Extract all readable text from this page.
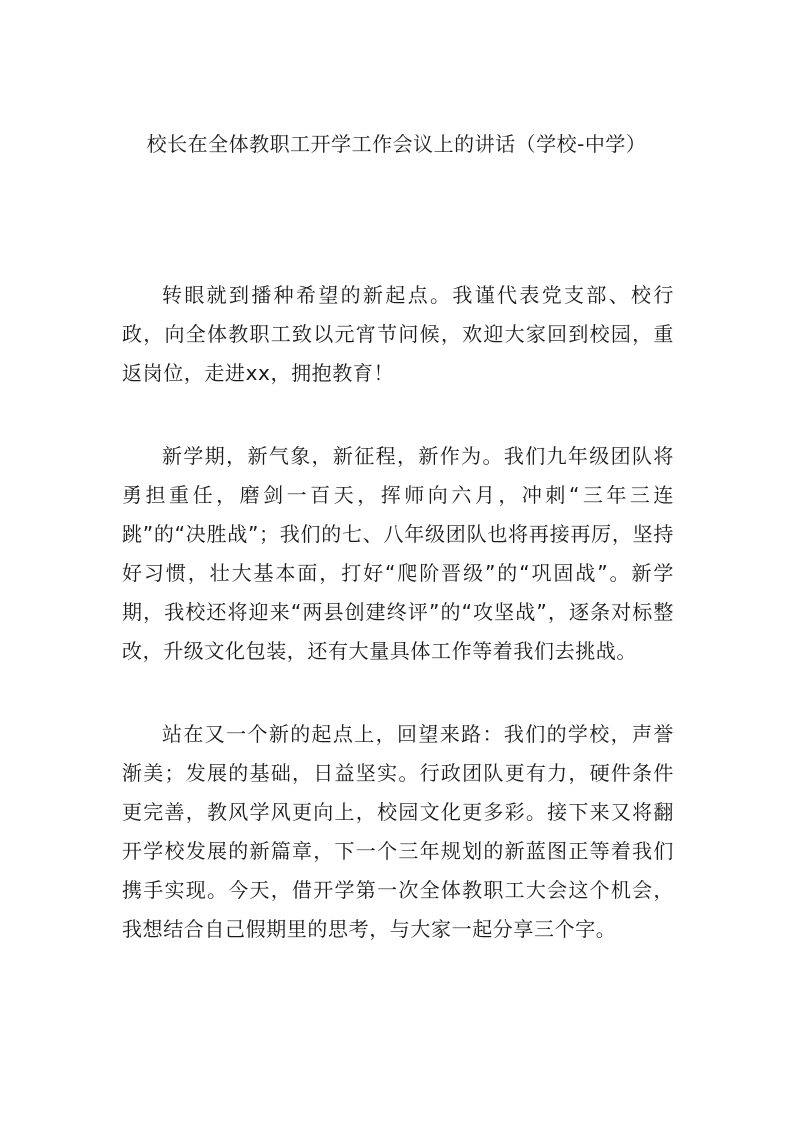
校长在全体教职工开学工作会议上的讲话（学校-中学）

转眼就到播种希望的新起点。我谨代表党支部、校行政，向全体教职工致以元宵节问候，欢迎大家回到校园，重返岗位，走进xx，拥抱教育！

新学期，新气象，新征程，新作为。我们九年级团队将勇担重任，磨剑一百天，挥师向六月，冲刺“三年三连跳”的“决胜战”；我们的七、八年级团队也将再接再厉，坚持好习惯，壮大基本面，打好“爬阶晋级”的“巩固战”。新学期，我校还将迎来“两县创建终评”的“攻坚战”，逐条对标整改，升级文化包装，还有大量具体工作等着我们去挑战。

站在又一个新的起点上，回望来路：我们的学校，声誉渐美；发展的基础，日益坚实。行政团队更有力，硬件条件更完善，教风学风更向上，校园文化更多彩。接下来又将翻开学校发展的新篇章，下一个三年规划的新蓝图正等着我们携手实现。今天，借开学第一次全体教职工大会这个机会，我想结合自己假期里的思考，与大家一起分享三个字。
